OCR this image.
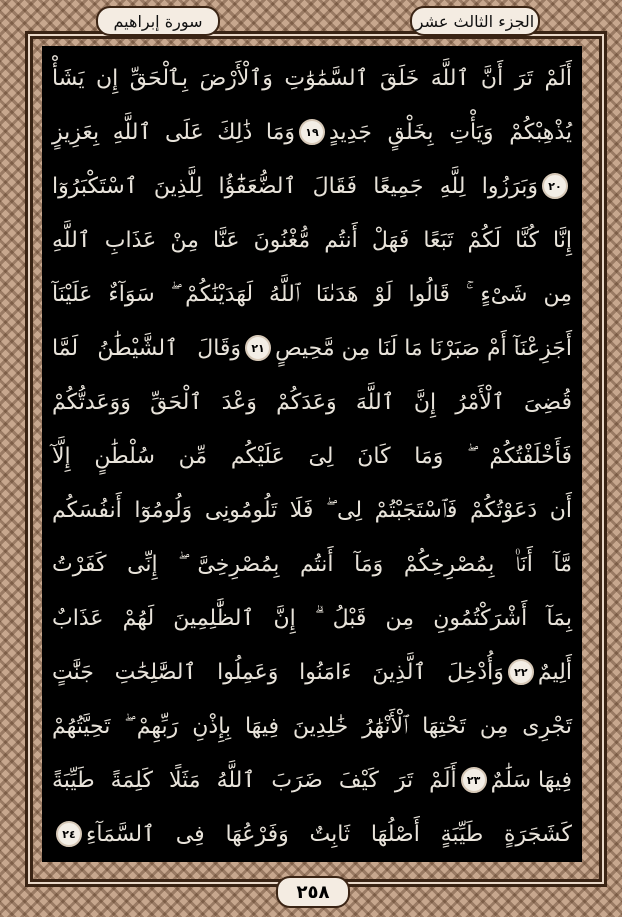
سورة إبراهيم	الجزء الثالث عشر
أَلَمْ تَرَ أَنَّ ٱللَّهَ خَلَقَ ٱلسَّمَٰوَٰتِ وَٱلْأَرْضَ بِٱلْحَقِّ إِن يَشَأْ
يُذْهِبْكُمْ وَيَأْتِ بِخَلْقٍ جَدِيدٍ
١٩
وَمَا ذَٰلِكَ عَلَى ٱللَّهِ بِعَزِيزٍ
٢٠
وَبَرَزُوا لِلَّهِ جَمِيعًا فَقَالَ ٱلضُّعَفَٰٓؤُا لِلَّذِينَ ٱسْتَكْبَرُوٓا
إِنَّا كُنَّا لَكُمْ تَبَعًا فَهَلْ أَنتُم مُّغْنُونَ عَنَّا مِنْ عَذَابِ ٱللَّهِ
مِن شَىْءٍ ۚ قَالُوا لَوْ هَدَىٰنَا ٱللَّهُ لَهَدَيْنَٰكُمْ ۖ سَوَآءٌ عَلَيْنَآ
أَجَزِعْنَآ أَمْ صَبَرْنَا مَا لَنَا مِن مَّحِيصٍ
٢١
وَقَالَ ٱلشَّيْطَٰنُ لَمَّا
قُضِىَ ٱلْأَمْرُ إِنَّ ٱللَّهَ وَعَدَكُمْ وَعْدَ ٱلْحَقِّ وَوَعَدتُّكُمْ
فَأَخْلَفْتُكُمْ ۖ وَمَا كَانَ لِىَ عَلَيْكُم مِّن سُلْطَٰنٍ إِلَّآ
أَن دَعَوْتُكُمْ فَٱسْتَجَبْتُمْ لِى ۖ فَلَا تَلُومُونِى وَلُومُوٓا أَنفُسَكُم
مَّآ أَنَا۠ بِمُصْرِخِكُمْ وَمَآ أَنتُم بِمُصْرِخِىَّ ۖ إِنِّى كَفَرْتُ
بِمَآ أَشْرَكْتُمُونِ مِن قَبْلُ ۗ إِنَّ ٱلظَّٰلِمِينَ لَهُمْ عَذَابٌ
أَلِيمٌ
٢٢
وَأُدْخِلَ ٱلَّذِينَ ءَامَنُوا وَعَمِلُوا ٱلصَّٰلِحَٰتِ جَنَّٰتٍ
تَجْرِى مِن تَحْتِهَا ٱلْأَنْهَٰرُ خَٰلِدِينَ فِيهَا بِإِذْنِ رَبِّهِمْ ۖ تَحِيَّتُهُمْ
فِيهَا سَلَٰمٌ
٢٣
أَلَمْ تَرَ كَيْفَ ضَرَبَ ٱللَّهُ مَثَلًا كَلِمَةً طَيِّبَةً
كَشَجَرَةٍ طَيِّبَةٍ أَصْلُهَا ثَابِتٌ وَفَرْعُهَا فِى ٱلسَّمَآءِ
٢٤
٢٥٨
